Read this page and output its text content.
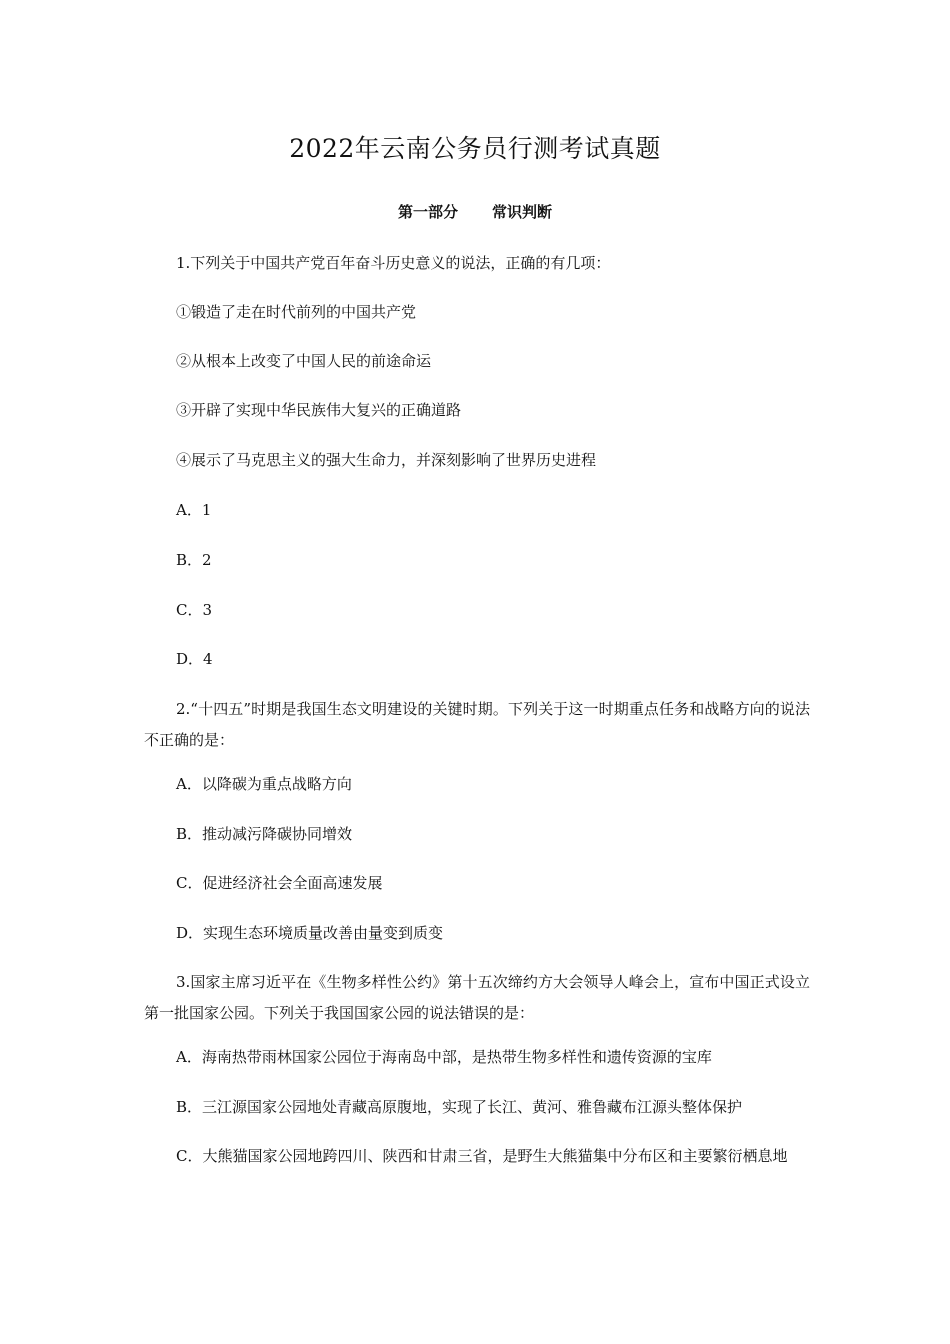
2022年云南公务员行测考试真题
第一部分 常识判断
1.下列关于中国共产党百年奋斗历史意义的说法，正确的有几项：
①锻造了走在时代前列的中国共产党
②从根本上改变了中国人民的前途命运
③开辟了实现中华民族伟大复兴的正确道路
④展示了马克思主义的强大生命力，并深刻影响了世界历史进程
A．1
B．2
C．3
D．4
2.“十四五”时期是我国生态文明建设的关键时期。下列关于这一时期重点任务和战略方向的说法不正确的是：
A．以降碳为重点战略方向
B．推动减污降碳协同增效
C．促进经济社会全面高速发展
D．实现生态环境质量改善由量变到质变
3.国家主席习近平在《生物多样性公约》第十五次缔约方大会领导人峰会上，宣布中国正式设立第一批国家公园。下列关于我国国家公园的说法错误的是：
A．海南热带雨林国家公园位于海南岛中部，是热带生物多样性和遗传资源的宝库
B．三江源国家公园地处青藏高原腹地，实现了长江、黄河、雅鲁藏布江源头整体保护
C．大熊猫国家公园地跨四川、陕西和甘肃三省，是野生大熊猫集中分布区和主要繁衍栖息地
